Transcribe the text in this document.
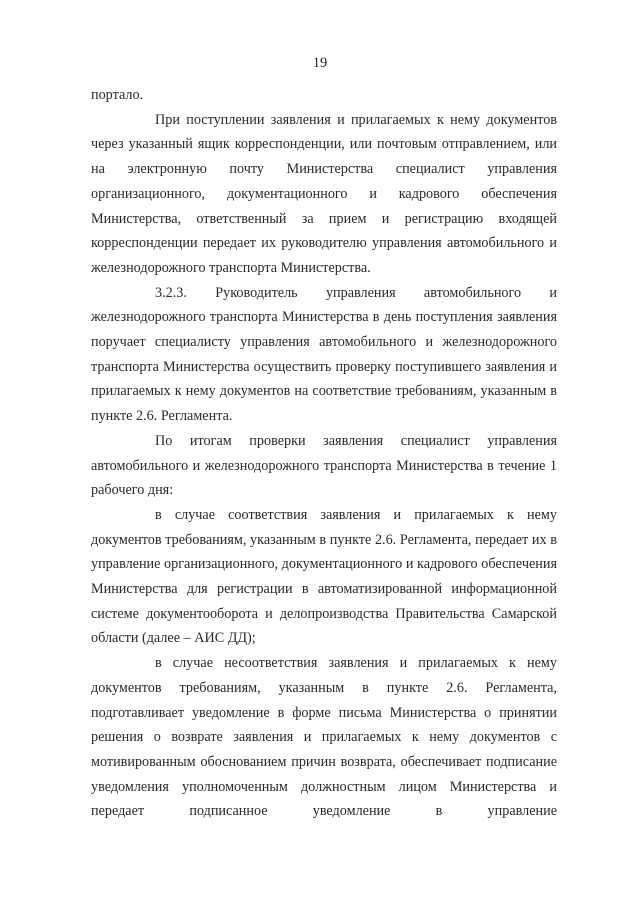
19

портало.

При поступлении заявления и прилагаемых к нему документов через указанный ящик корреспонденции, или почтовым отправлением, или на электронную почту Министерства специалист управления организационного, документационного и кадрового обеспечения Министерства, ответственный за прием и регистрацию входящей корреспонденции передает их руководителю управления автомобильного и железнодорожного транспорта Министерства.

3.2.3. Руководитель управления автомобильного и железнодорожного транспорта Министерства в день поступления заявления поручает специалисту управления автомобильного и железнодорожного транспорта Министерства осуществить проверку поступившего заявления и прилагаемых к нему документов на соответствие требованиям, указанным в пункте 2.6. Регламента.

По итогам проверки заявления специалист управления автомобильного и железнодорожного транспорта Министерства в течение 1 рабочего дня:

в случае соответствия заявления и прилагаемых к нему документов требованиям, указанным в пункте 2.6. Регламента, передает их в управление организационного, документационного и кадрового обеспечения Министерства для регистрации в автоматизированной информационной системе документооборота и делопроизводства Правительства Самарской области (далее – АИС ДД);

в случае несоответствия заявления и прилагаемых к нему документов требованиям, указанным в пункте 2.6. Регламента, подготавливает уведомление в форме письма Министерства о принятии решения о возврате заявления и прилагаемых к нему документов с мотивированным обоснованием причин возврата, обеспечивает подписание уведомления уполномоченным должностным лицом Министерства и передает подписанное уведомление в управление
